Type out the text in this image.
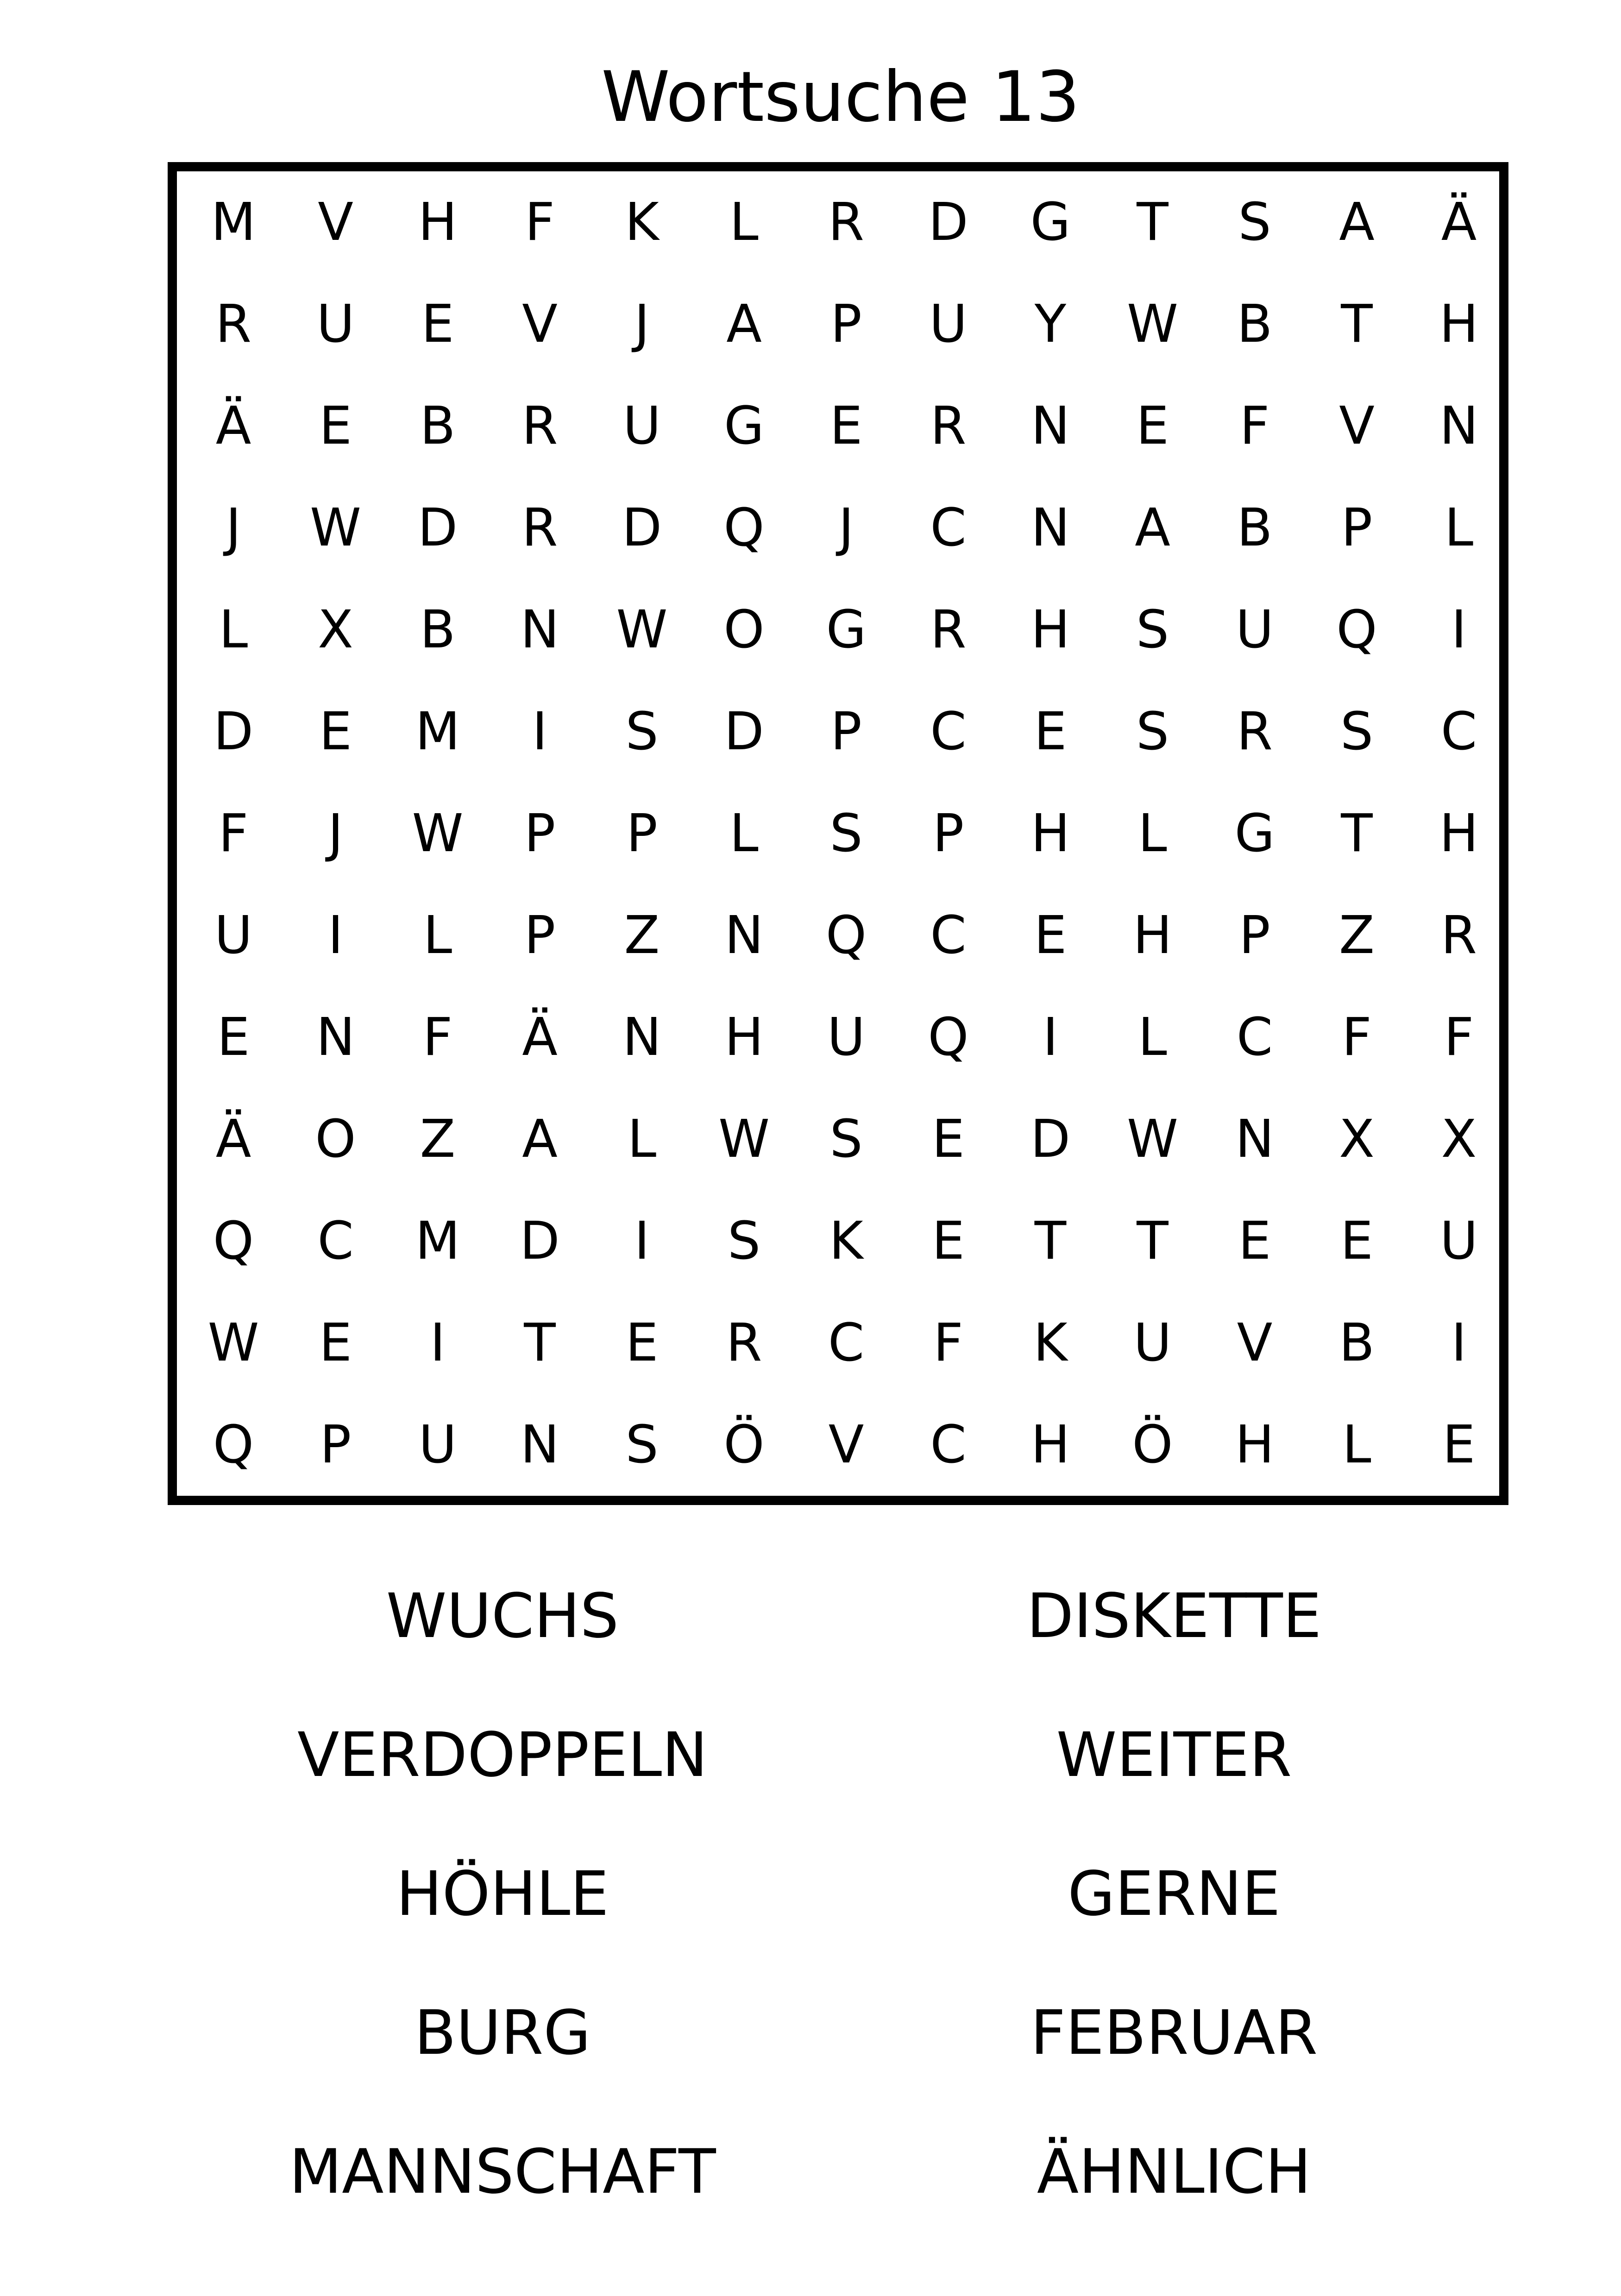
Wortsuche 13
M	V	H	F	K	L	R	D	G	T	S	A	Ä
R	U	E	V	J	A	P	U	Y	W	B	T	H
Ä	E	B	R	U	G	E	R	N	E	F	V	N
J	W	D	R	D	Q	J	C	N	A	B	P	L
L	X	B	N	W	O	G	R	H	S	U	Q	I
D	E	M	I	S	D	P	C	E	S	R	S	C
F	J	W	P	P	L	S	P	H	L	G	T	H
U	I	L	P	Z	N	Q	C	E	H	P	Z	R
E	N	F	Ä	N	H	U	Q	I	L	C	F	F
Ä	O	Z	A	L	W	S	E	D	W	N	X	X
Q	C	M	D	I	S	K	E	T	T	E	E	U
W	E	I	T	E	R	C	F	K	U	V	B	I
Q	P	U	N	S	Ö	V	C	H	Ö	H	L	E
WUCHS
VERDOPPELN
HÖHLE
BURG
MANNSCHAFT
DISKETTE
WEITER
GERNE
FEBRUAR
ÄHNLICH
